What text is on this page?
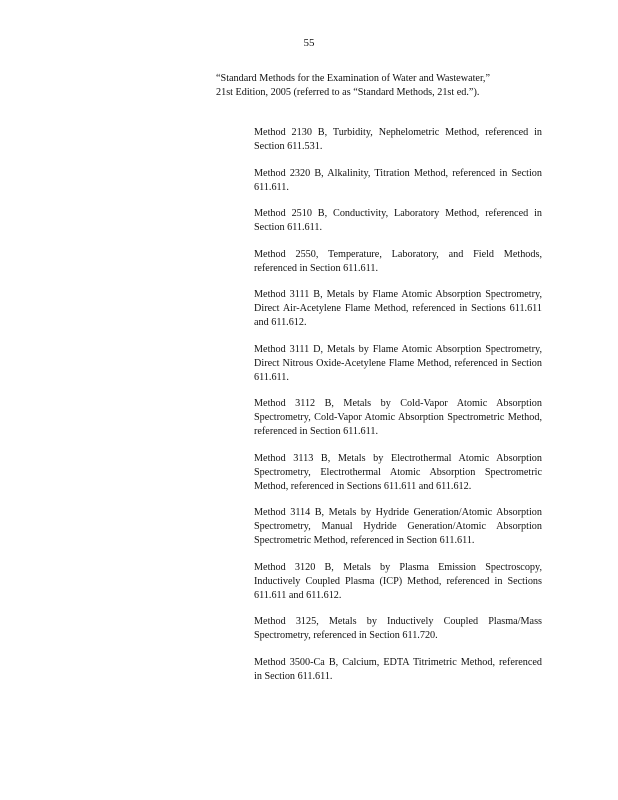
55
“Standard Methods for the Examination of Water and Wastewater,” 21st Edition, 2005 (referred to as “Standard Methods, 21st ed.”).
Method 2130 B, Turbidity, Nephelometric Method, referenced in Section 611.531.
Method 2320 B, Alkalinity, Titration Method, referenced in Section 611.611.
Method 2510 B, Conductivity, Laboratory Method, referenced in Section 611.611.
Method 2550, Temperature, Laboratory, and Field Methods, referenced in Section 611.611.
Method 3111 B, Metals by Flame Atomic Absorption Spectrometry, Direct Air-Acetylene Flame Method, referenced in Sections 611.611 and 611.612.
Method 3111 D, Metals by Flame Atomic Absorption Spectrometry, Direct Nitrous Oxide-Acetylene Flame Method, referenced in Section 611.611.
Method 3112 B, Metals by Cold-Vapor Atomic Absorption Spectrometry, Cold-Vapor Atomic Absorption Spectrometric Method, referenced in Section 611.611.
Method 3113 B, Metals by Electrothermal Atomic Absorption Spectrometry, Electrothermal Atomic Absorption Spectrometric Method, referenced in Sections 611.611 and 611.612.
Method 3114 B, Metals by Hydride Generation/Atomic Absorption Spectrometry, Manual Hydride Generation/Atomic Absorption Spectrometric Method, referenced in Section 611.611.
Method 3120 B, Metals by Plasma Emission Spectroscopy, Inductively Coupled Plasma (ICP) Method, referenced in Sections 611.611 and 611.612.
Method 3125, Metals by Inductively Coupled Plasma/Mass Spectrometry, referenced in Section 611.720.
Method 3500-Ca B, Calcium, EDTA Titrimetric Method, referenced in Section 611.611.
